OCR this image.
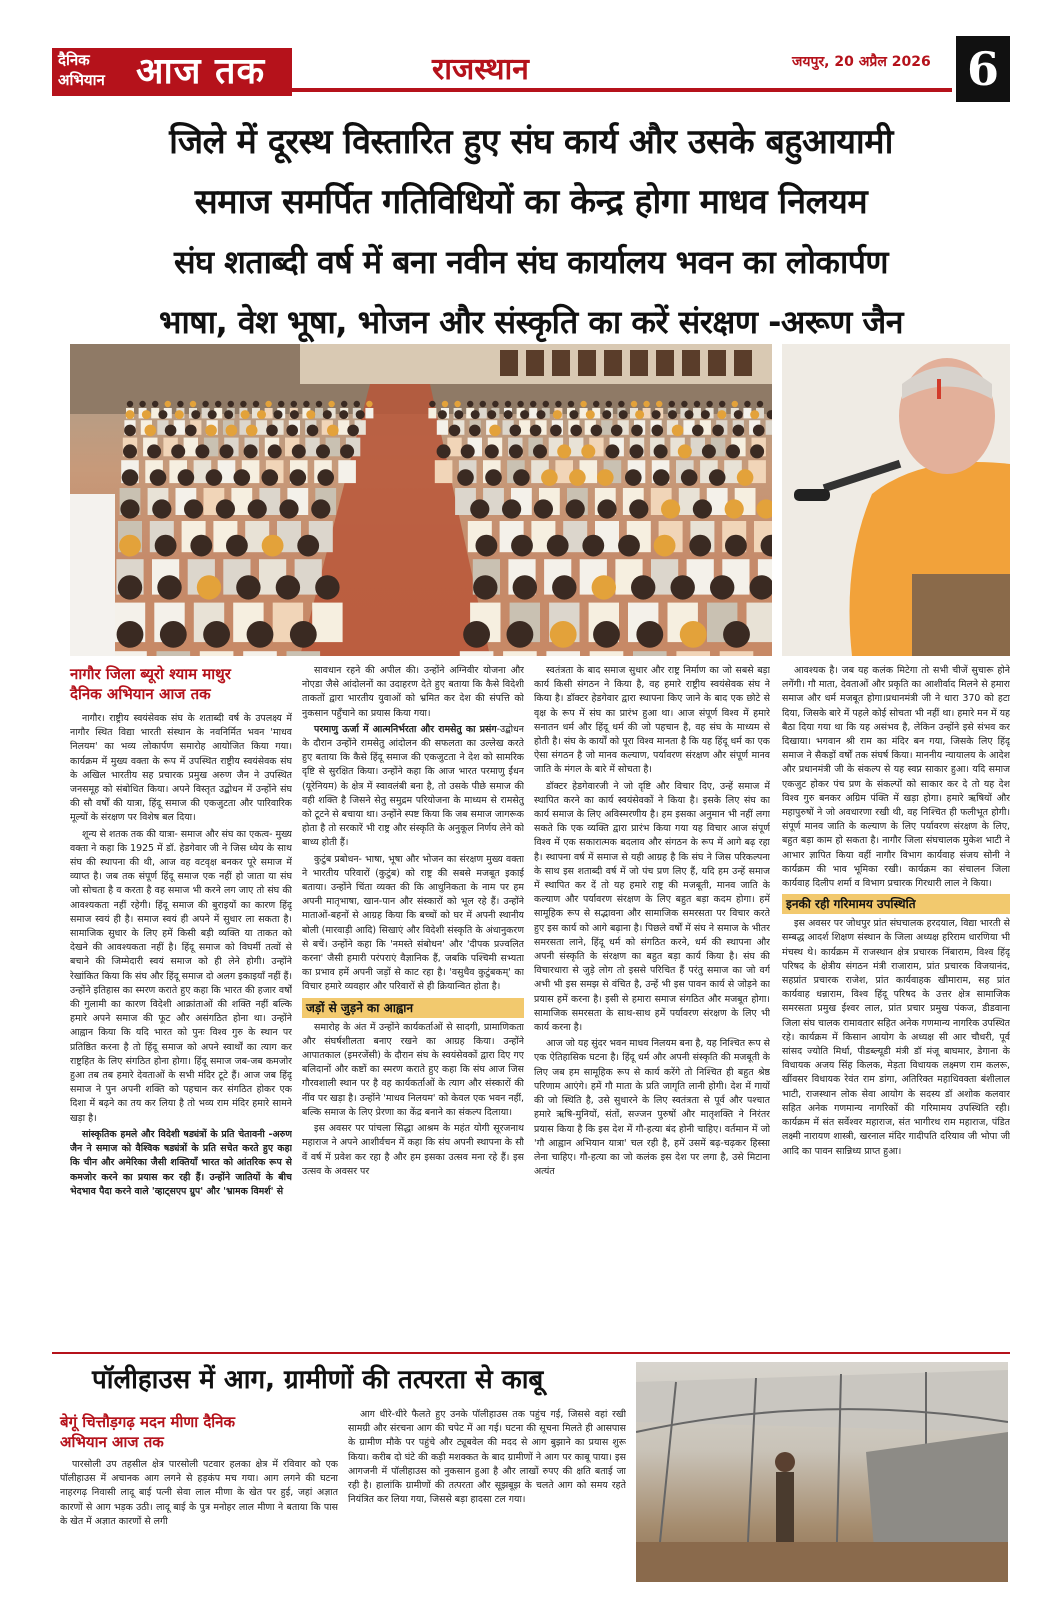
दैनिक अभियान आज तक	राजस्थान	जयपुर, 20 अप्रैल 2026 6

जिले में दूरस्थ विस्तारित हुए संघ कार्य और उसके बहुआयामी

समाज समर्पित गतिविधियों का केन्द्र होगा माधव निलयम

संघ शताब्दी वर्ष में बना नवीन संघ कार्यालय भवन का लोकार्पण

भाषा, वेश भूषा, भोजन और संस्कृति का करें संरक्षण -अरूण जैन

नागौर जिला ब्यूरो श्याम माथुर

दैनिक अभियान आज तक

नागौर। राष्ट्रीय स्वयंसेवक संघ के शताब्दी वर्ष के उपलक्ष्य में नागौर स्थित विद्या भारती संस्थान के नवनिर्मित भवन 'माधव निलयम' का भव्य लोकार्पण समारोह आयोजित किया गया। कार्यक्रम में मुख्य वक्ता के रूप में उपस्थित राष्ट्रीय स्वयंसेवक संघ के अखिल भारतीय सह प्रचारक प्रमुख अरुण जैन ने उपस्थित जनसमूह को संबोधित किया। अपने विस्तृत उद्बोधन में उन्होंने संघ की सौ वर्षों की यात्रा, हिंदू समाज की एकजुटता और पारिवारिक मूल्यों के संरक्षण पर विशेष बल दिया।

शून्य से शतक तक की यात्रा- समाज और संघ का एकत्व- मुख्य वक्ता ने कहा कि 1925 में डॉ. हेडगेवार जी ने जिस ध्येय के साथ संघ की स्थापना की थी, आज वह वटवृक्ष बनकर पूरे समाज में व्याप्त है। जब तक संपूर्ण हिंदू समाज एक नहीं हो जाता या संघ जो सोचता है व करता है वह समाज भी करने लग जाए तो संघ की आवश्यकता नहीं रहेगी। हिंदू समाज की बुराइयों का कारण हिंदू समाज स्वयं ही है। समाज स्वयं ही अपने में सुधार ला सकता है। सामाजिक सुधार के लिए हमें किसी बड़ी व्यक्ति या ताकत को देखने की आवश्यकता नहीं है। हिंदू समाज को विघर्मी तत्वों से बचाने की जिम्मेदारी स्वयं समाज को ही लेने होगी। उन्होंने रेखांकित किया कि संघ और हिंदू समाज दो अलग इकाइयाँ नहीं हैं। उन्होंने इतिहास का स्मरण कराते हुए कहा कि भारत की हजार वर्षों की गुलामी का कारण विदेशी आक्रांताओं की शक्ति नहीं बल्कि हमारे अपने समाज की फूट और असंगठित होना था। उन्होंने आह्वान किया कि यदि भारत को पुनः विश्व गुरु के स्थान पर प्रतिष्ठित करना है तो हिंदू समाज को अपने स्वार्थों का त्याग कर राष्ट्रहित के लिए संगठित होना होगा। हिंदू समाज जब-जब कमजोर हुआ तब तब हमारे देवताओं के सभी मंदिर टूटे हैं। आज जब हिंदू समाज ने पुन अपनी शक्ति को पहचान कर संगठित होकर एक दिशा में बढ़ने का तय कर लिया है तो भव्य राम मंदिर हमारे सामने खड़ा है।

सांस्कृतिक हमले और विदेशी षड्यंत्रों के प्रति चेतावनी -अरुण जैन ने समाज को वैश्विक षड्यंत्रों के प्रति सचेत करते हुए कहा कि चीन और अमेरिका जैसी शक्तियाँ भारत को आंतरिक रूप से कमजोर करने का प्रयास कर रही हैं। उन्होंने जातियों के बीच भेदभाव पैदा करने वाले 'व्हाट्सएप ग्रुप' और 'भ्रामक विमर्श' से

सावधान रहने की अपील की। उन्होंने अग्निवीर योजना और नोएडा जैसे आंदोलनों का उदाहरण देते हुए बताया कि कैसे विदेशी ताकतों द्वारा भारतीय युवाओं को भ्रमित कर देश की संपत्ति को नुकसान पहुँचाने का प्रयास किया गया।

परमाणु ऊर्जा में आत्मनिर्भरता और रामसेतु का प्रसंग-उद्बोधन के दौरान उन्होंने रामसेतु आंदोलन की सफलता का उल्लेख करते हुए बताया कि कैसे हिंदू समाज की एकजुटता ने देश को सामरिक दृष्टि से सुरक्षित किया। उन्होंने कहा कि आज भारत परमाणु ईंधन (यूरेनियम) के क्षेत्र में स्वावलंबी बना है, तो उसके पीछे समाज की वही शक्ति है जिसने सेतु समुद्रम परियोजना के माध्यम से रामसेतु को टूटने से बचाया था। उन्होंने स्पष्ट किया कि जब समाज जागरूक होता है तो सरकारें भी राष्ट्र और संस्कृति के अनुकूल निर्णय लेने को बाध्य होती हैं।

कुटुंब प्रबोधन- भाषा, भूषा और भोजन का संरक्षण मुख्य वक्ता ने भारतीय परिवारों (कुटुंब) को राष्ट्र की सबसे मजबूत इकाई बताया। उन्होंने चिंता व्यक्त की कि आधुनिकता के नाम पर हम अपनी मातृभाषा, खान-पान और संस्कारों को भूल रहे हैं। उन्होंने माताओं-बहनों से आग्रह किया कि बच्चों को घर में अपनी स्थानीय बोली (मारवाड़ी आदि) सिखाएं और विदेशी संस्कृति के अंधानुकरण से बचें। उन्होंने कहा कि 'नमस्ते संबोधन' और 'दीपक प्रज्वलित करना' जैसी हमारी परंपराएं वैज्ञानिक हैं, जबकि पश्चिमी सभ्यता का प्रभाव हमें अपनी जड़ों से काट रहा है। 'वसुधैव कुटुंबकम्' का विचार हमारे व्यवहार और परिवारों से ही क्रियान्वित होता है।

जड़ों से जुड़ने का आह्वान

समारोह के अंत में उन्होंने कार्यकर्ताओं से सादगी, प्रामाणिकता और संघर्षशीलता बनाए रखने का आग्रह किया। उन्होंने आपातकाल (इमरजेंसी) के दौरान संघ के स्वयंसेवकों द्वारा दिए गए बलिदानों और कष्टों का स्मरण कराते हुए कहा कि संघ आज जिस गौरवशाली स्थान पर है वह कार्यकर्ताओं के त्याग और संस्कारों की नींव पर खड़ा है। उन्होंने 'माधव निलयम' को केवल एक भवन नहीं, बल्कि समाज के लिए प्रेरणा का केंद्र बनाने का संकल्प दिलाया।

इस अवसर पर पांचला सिद्धा आश्रम के महंत योगी सूरजनाथ महाराज ने अपने आशीर्वचन में कहा कि संघ अपनी स्थापना के सौ वें वर्ष में प्रवेश कर रहा है और हम इसका उत्सव मना रहे हैं। इस उत्सव के अवसर पर

स्वतंत्रता के बाद समाज सुधार और राष्ट्र निर्माण का जो सबसे बड़ा कार्य किसी संगठन ने किया है, वह हमारे राष्ट्रीय स्वयंसेवक संघ ने किया है। डॉक्टर हेडगेवार द्वारा स्थापना किए जाने के बाद एक छोटे से वृक्ष के रूप में संघ का प्रारंभ हुआ था। आज संपूर्ण विश्व में हमारे सनातन धर्म और हिंदू धर्म की जो पहचान है, वह संघ के माध्यम से होती है। संघ के कार्यों को पूरा विश्व मानता है कि यह हिंदू धर्म का एक ऐसा संगठन है जो मानव कल्याण, पर्यावरण संरक्षण और संपूर्ण मानव जाति के मंगल के बारे में सोचता है।

डॉक्टर हेडगेवारजी ने जो दृष्टि और विचार दिए, उन्हें समाज में स्थापित करने का कार्य स्वयंसेवकों ने किया है। इसके लिए संघ का कार्य समाज के लिए अविस्मरणीय है। हम इसका अनुमान भी नहीं लगा सकते कि एक व्यक्ति द्वारा प्रारंभ किया गया यह विचार आज संपूर्ण विश्व में एक सकारात्मक बदलाव और संगठन के रूप में आगे बढ़ रहा है। स्थापना वर्ष में समाज से यही आग्रह है कि संघ ने जिस परिकल्पना के साथ इस शताब्दी वर्ष में जो पंच प्रण लिए हैं, यदि हम उन्हें समाज में स्थापित कर दें तो यह हमारे राष्ट्र की मजबूती, मानव जाति के कल्याण और पर्यावरण संरक्षण के लिए बहुत बड़ा कदम होगा। हमें सामूहिक रूप से सद्भावना और सामाजिक समरसता पर विचार करते हुए इस कार्य को आगे बढ़ाना है। पिछले वर्षों में संघ ने समाज के भीतर समरसता लाने, हिंदू धर्म को संगठित करने, धर्म की स्थापना और अपनी संस्कृति के संरक्षण का बहुत बड़ा कार्य किया है। संघ की विचारधारा से जुड़े लोग तो इससे परिचित हैं परंतु समाज का जो वर्ग अभी भी इस समझ से वंचित है, उन्हें भी इस पावन कार्य से जोड़ने का प्रयास हमें करना है। इसी से हमारा समाज संगठित और मजबूत होगा। सामाजिक समरसता के साथ-साथ हमें पर्यावरण संरक्षण के लिए भी कार्य करना है।

आज जो यह सुंदर भवन माधव निलयम बना है, यह निश्चित रूप से एक ऐतिहासिक घटना है। हिंदू धर्म और अपनी संस्कृति की मजबूती के लिए जब हम सामूहिक रूप से कार्य करेंगे तो निश्चित ही बहुत श्रेष्ठ परिणाम आएंगे। हमें गौ माता के प्रति जागृति लानी होगी। देश में गायों की जो स्थिति है, उसे सुधारने के लिए स्वतंत्रता से पूर्व और पश्चात हमारे ऋषि-मुनियों, संतों, सज्जन पुरुषों और मातृशक्ति ने निरंतर प्रयास किया है कि इस देश में गौ-हत्या बंद होनी चाहिए। वर्तमान में जो 'गौ आह्वान अभियान यात्रा' चल रही है, हमें उसमें बढ़-चढ़कर हिस्सा लेना चाहिए। गौ-हत्या का जो कलंक इस देश पर लगा है, उसे मिटाना अत्यंत

आवश्यक है। जब यह कलंक मिटेगा तो सभी चीजें सुचारू होने लगेंगी। गौ माता, देवताओं और प्रकृति का आशीर्वाद मिलने से हमारा समाज और धर्म मजबूत होगा।प्रधानमंत्री जी ने धारा 370 को हटा दिया, जिसके बारे में पहले कोई सोचता भी नहीं था। हमारे मन में यह बैठा दिया गया था कि यह असंभव है, लेकिन उन्होंने इसे संभव कर दिखाया। भगवान श्री राम का मंदिर बन गया, जिसके लिए हिंदू समाज ने सैकड़ों वर्षों तक संघर्ष किया। माननीय न्यायालय के आदेश और प्रधानमंत्री जी के संकल्प से यह स्वप्न साकार हुआ। यदि समाज एकजुट होकर पंच प्रण के संकल्पों को साकार कर दे तो यह देश विश्व गुरु बनकर अग्रिम पंक्ति में खड़ा होगा। हमारे ऋषियों और महापुरुषों ने जो अवधारणा रखी थी, वह निश्चित ही फलीभूत होगी। संपूर्ण मानव जाति के कल्याण के लिए पर्यावरण संरक्षण के लिए, बहुत बड़ा काम हो सकता है। नागौर जिला संघचालक मुकेश भाटी ने आभार ज्ञापित किया वहीं नागौर विभाग कार्यवाह संजय सोनी ने कार्यक्रम की भाव भूमिका रखी। कार्यक्रम का संचालन जिला कार्यवाह दिलीप शर्मा व विभाग प्रचारक गिरधारी लाल ने किया।

इनकी रही गरिमामय उपस्थिति

इस अवसर पर जोधपुर प्रांत संघचालक हरदयाल, विद्या भारती से सम्बद्ध आदर्श शिक्षण संस्थान के जिला अध्यक्ष हरिराम धारणिया भी मंचस्थ थे। कार्यक्रम में राजस्थान क्षेत्र प्रचारक निंबाराम, विश्व हिंदू परिषद के क्षेत्रीय संगठन मंत्री राजाराम, प्रांत प्रचारक विजयानंद, सहप्रांत प्रचारक राजेश, प्रांत कार्यवाहक खीमाराम, सह प्रांत कार्यवाह धन्नाराम, विश्व हिंदू परिषद के उत्तर क्षेत्र सामाजिक समरसता प्रमुख ईश्वर लाल, प्रांत प्रचार प्रमुख पंकज, डीडवाना जिला संघ चालक रामावतार सहित अनेक गणमान्य नागरिक उपस्थित रहे। कार्यक्रम में किसान आयोग के अध्यक्ष सी आर चौधरी, पूर्व सांसद ज्योति मिर्धा, पीडब्ल्यूडी मंत्री डॉ मंजू बाघमार, डेगाना के विधायक अजय सिंह किलक, मेड़ता विधायक लक्ष्मण राम कलरू, खींवसर विधायक रेवंत राम डांगा, अतिरिक्त महाधिवक्ता बंशीलाल भाटी, राजस्थान लोक सेवा आयोग के सदस्य डॉ अशोक कलवार सहित अनेक गणमान्य नागरिकों की गरिमामय उपस्थिति रही। कार्यक्रम में संत सर्वेश्वर महाराज, संत भागीरथ राम महाराज, पंडित लक्ष्मी नारायण शास्त्री, खरनाल मंदिर गादीपति दरियाव जी भोपा जी आदि का पावन सान्निध्य प्राप्त हुआ।

पॉलीहाउस में आग, ग्रामीणों की तत्परता से काबू
बेगूं चित्तौड़गढ़ मदन मीणा दैनिक
अभियान आज तक

पारसोली उप तहसील क्षेत्र पारसोली पटवार हलका क्षेत्र में रविवार को एक पॉलीहाउस में अचानक आग लगने से हड़कंप मच गया। आग लगने की घटना नाहरगढ़ निवासी लादू बाई पत्नी सेवा लाल मीणा के खेत पर हुई, जहां अज्ञात कारणों से आग भड़क उठी। लादू बाई के पुत्र मनोहर लाल मीणा ने बताया कि पास के खेत में अज्ञात कारणों से लगी

आग धीरे-धीरे फैलते हुए उनके पॉलीहाउस तक पहुंच गई, जिससे वहां रखी सामग्री और संरचना आग की चपेट में आ गई। घटना की सूचना मिलते ही आसपास के ग्रामीण मौके पर पहुंचे और ट्यूबवेल की मदद से आग बुझाने का प्रयास शुरू किया। करीब दो घंटे की कड़ी मशक्कत के बाद ग्रामीणों ने आग पर काबू पाया। इस आगजनी में पॉलीहाउस को नुकसान हुआ है और लाखों रुपए की क्षति बताई जा रही है। हालांकि ग्रामीणों की तत्परता और सूझबूझ के चलते आग को समय रहते नियंत्रित कर लिया गया, जिससे बड़ा हादसा टल गया।
